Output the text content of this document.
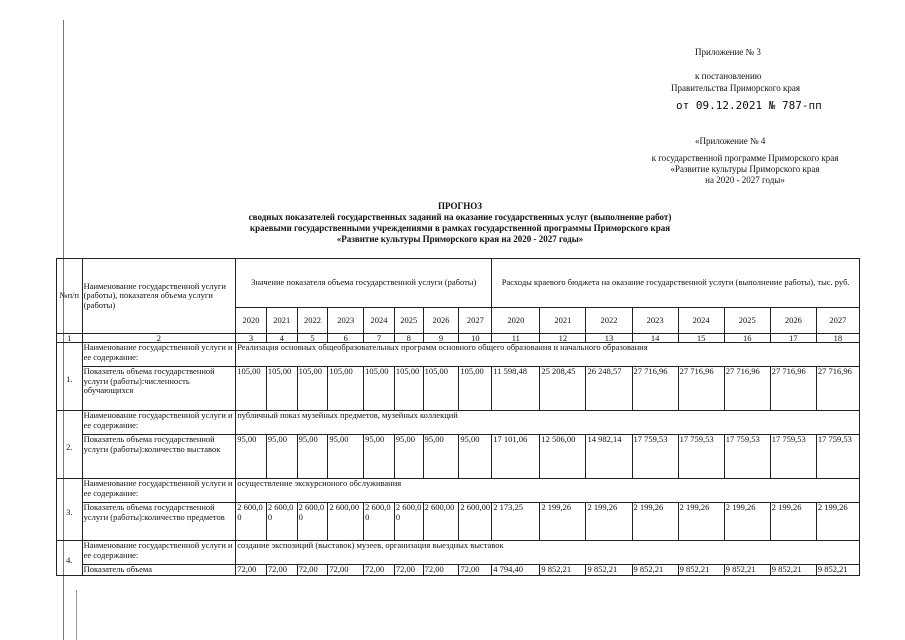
Приложение № 3
к постановлению
Правительства Приморского края
от 09.12.2021 № 787-пп
«Приложение № 4
к государственной программе Приморского края
«Развитие культуры Приморского края
на 2020 - 2027 годы»
ПРОГНОЗ
сводных показателей государственных заданий на оказание государственных услуг (выполнение работ)
краевыми государственными учреждениями в рамках государственной программы Приморского края
«Развитие культуры Приморского края на 2020 - 2027 годы»
№п/п	Наименование государственной услуги (работы), показателя объема услуги (работы)	Значение показателя объема государственной услуги (работы)								Расходы краевого бюджета на оказание государственной услуги (выполнение работы), тыс. руб.							
		2020	2021	2022	2023	2024	2025	2026	2027	2020	2021	2022	2023	2024	2025	2026	2027
1	2	3	4	5	6	7	8	9	10	11	12	13	14	15	16	17	18
1.	Наименование государственной услуги и ее содержание:	Реализация основных общеобразовательных программ основного общего образования и начального образования															
	Показатель объема государственной услуги (работы):численность обучающихся	105,00	105,00	105,00	105,00	105,00	105,00	105,00	105,00	11 598,48	25 208,45	26 248,57	27 716,96	27 716,96	27 716,96	27 716,96	27 716,96
2.	Наименование государственной услуги и ее содержание:	публичный показ музейных предметов, музейных коллекций															
	Показатель объема государственной услуги (работы):количество выставок	95,00	95,00	95,00	95,00	95,00	95,00	95,00	95,00	17 101,06	12 506,00	14 982,14	17 759,53	17 759,53	17 759,53	17 759,53	17 759,53
3.	Наименование государственной услуги и ее содержание:	осуществление экскурсионого обслуживания															
	Показатель объема государственной услуги (работы):количество предметов	2 600,00	2 600,00	2 600,00	2 600,00	2 600,00	2 600,00	2 600,00	2 600,00	2 173,25	2 199,26	2 199,26	2 199,26	2 199,26	2 199,26	2 199,26	2 199,26
4.	Наименование государственной услуги и ее содержание:	создание экспозиций (выставок) музеев, организация выездных выставок															
	Показатель объема	72,00	72,00	72,00	72,00	72,00	72,00	72,00	72,00	4 794,40	9 852,21	9 852,21	9 852,21	9 852,21	9 852,21	9 852,21	9 852,21
